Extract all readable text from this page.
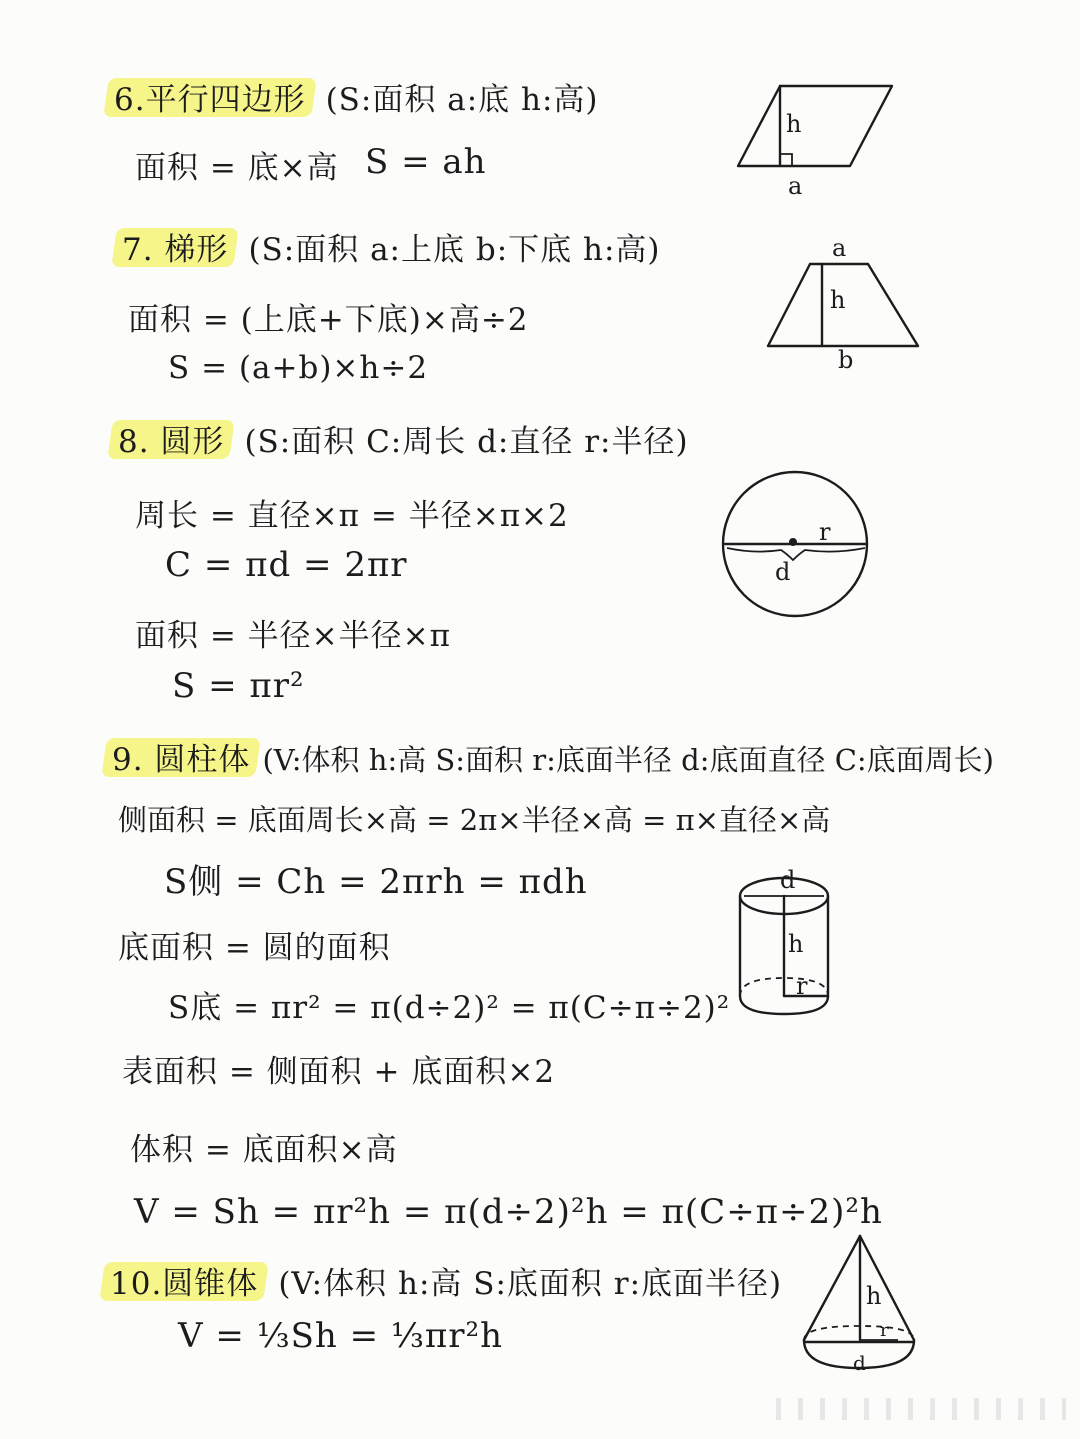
6.平行四边形 (S:面积 a:底 h:高)
面积 = 底×高 S = ah
h
a
7. 梯形 (S:面积 a:上底 b:下底 h:高)
面积 = (上底+下底)×高÷2
S = (a+b)×h÷2
a
h
b
8. 圆形 (S:面积 C:周长 d:直径 r:半径)
周长 = 直径×π = 半径×π×2
C = πd = 2πr
面积 = 半径×半径×π
S = πr²
r
d
9. 圆柱体 (V:体积 h:高 S:面积 r:底面半径 d:底面直径 C:底面周长)
侧面积 = 底面周长×高 = 2π×半径×高 = π×直径×高
S侧 = Ch = 2πrh = πdh
底面积 = 圆的面积
S底 = πr² = π(d÷2)² = π(C÷π÷2)²
表面积 = 侧面积 + 底面积×2
体积 = 底面积×高
V = Sh = πr²h = π(d÷2)²h = π(C÷π÷2)²h
d
h
r
10.圆锥体 (V:体积 h:高 S:底面积 r:底面半径)
V = ⅓Sh = ⅓πr²h
h
r
d
